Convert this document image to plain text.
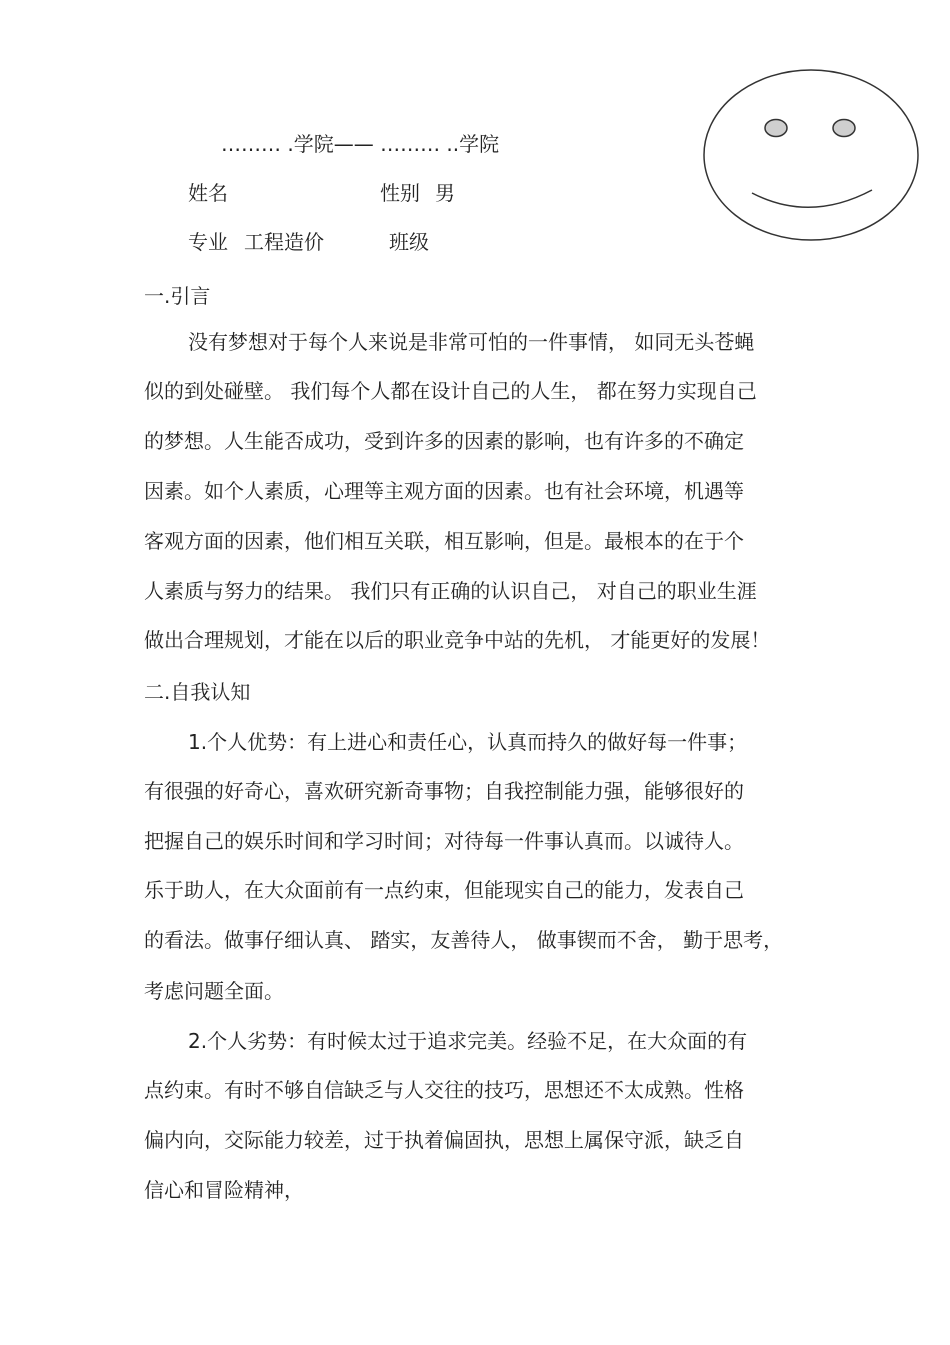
……… .学院—— ……… ..学院
姓名	性别 男
专业 工程造价	班级
一.引言
没有梦想对于每个人来说是非常可怕的一件事情， 如同无头苍蝇
似的到处碰壁。 我们每个人都在设计自己的人生， 都在努力实现自己
的梦想。人生能否成功，受到许多的因素的影响，也有许多的不确定
因素。如个人素质，心理等主观方面的因素。也有社会环境，机遇等
客观方面的因素，他们相互关联，相互影响，但是。最根本的在于个
人素质与努力的结果。 我们只有正确的认识自己， 对自己的职业生涯
做出合理规划，才能在以后的职业竞争中站的先机， 才能更好的发展！
二.自我认知
1.个人优势：有上进心和责任心，认真而持久的做好每一件事；
有很强的好奇心，喜欢研究新奇事物；自我控制能力强，能够很好的
把握自己的娱乐时间和学习时间；对待每一件事认真而。以诚待人。
乐于助人，在大众面前有一点约束，但能现实自己的能力，发表自己
的看法。做事仔细认真、 踏实，友善待人， 做事锲而不舍， 勤于思考，
考虑问题全面。
2.个人劣势：有时候太过于追求完美。经验不足，在大众面的有
点约束。有时不够自信缺乏与人交往的技巧，思想还不太成熟。性格
偏内向，交际能力较差，过于执着偏固执，思想上属保守派，缺乏自
信心和冒险精神，
